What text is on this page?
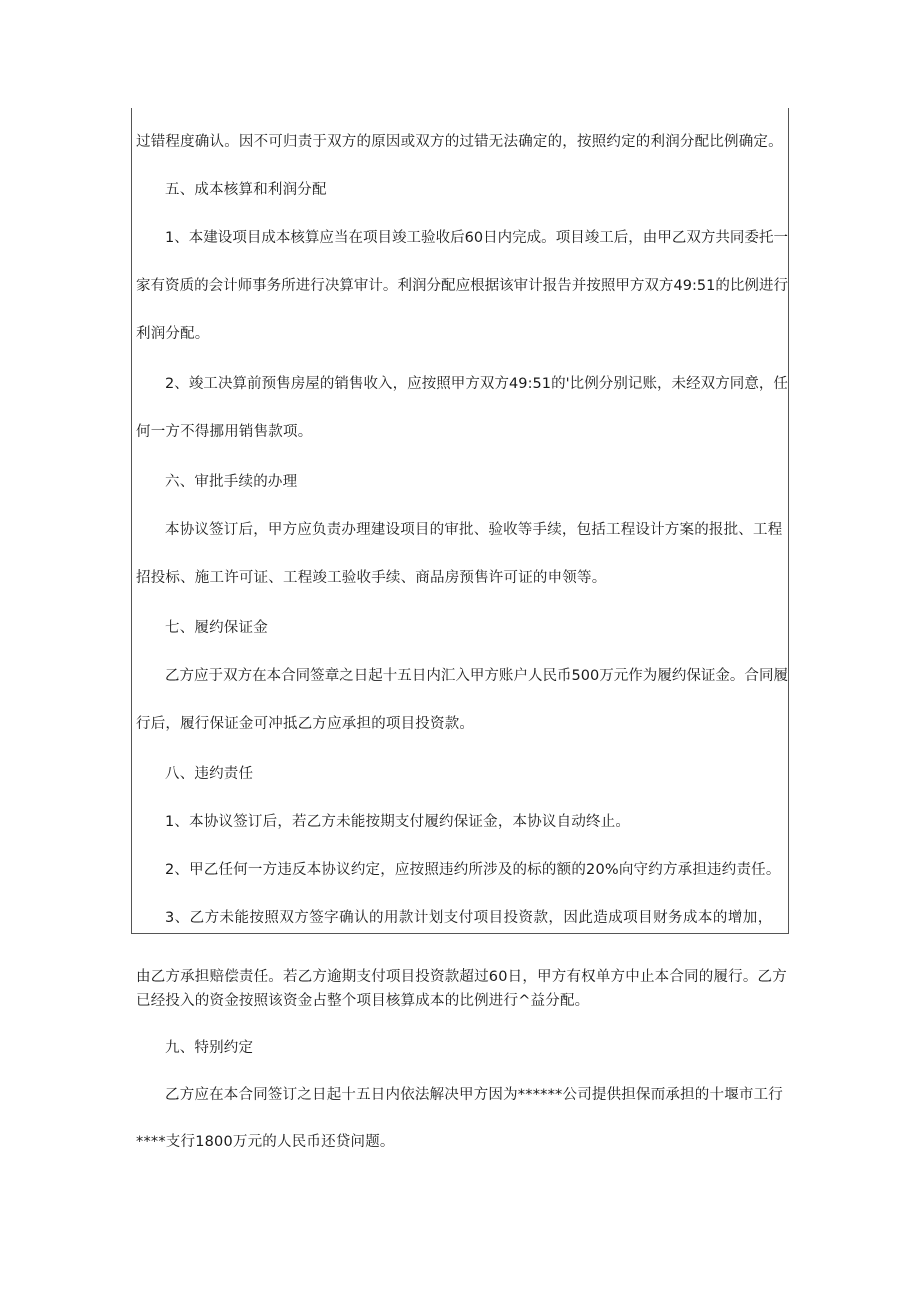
过错程度确认。因不可归责于双方的原因或双方的过错无法确定的，按照约定的利润分配比例确定。
五、成本核算和利润分配
1、本建设项目成本核算应当在项目竣工验收后60日内完成。项目竣工后，由甲乙双方共同委托一
家有资质的会计师事务所进行决算审计。利润分配应根据该审计报告并按照甲方双方49:51的比例进行
利润分配。
2、竣工决算前预售房屋的销售收入，应按照甲方双方49:51的'比例分别记账，未经双方同意，任
何一方不得挪用销售款项。
六、审批手续的办理
本协议签订后，甲方应负责办理建设项目的审批、验收等手续，包括工程设计方案的报批、工程
招投标、施工许可证、工程竣工验收手续、商品房预售许可证的申领等。
七、履约保证金
乙方应于双方在本合同签章之日起十五日内汇入甲方账户人民币500万元作为履约保证金。合同履
行后，履行保证金可冲抵乙方应承担的项目投资款。
八、违约责任
1、本协议签订后，若乙方未能按期支付履约保证金，本协议自动终止。
2、甲乙任何一方违反本协议约定，应按照违约所涉及的标的额的20%向守约方承担违约责任。
3、乙方未能按照双方签字确认的用款计划支付项目投资款，因此造成项目财务成本的增加，
由乙方承担赔偿责任。若乙方逾期支付项目投资款超过60日，甲方有权单方中止本合同的履行。乙方
已经投入的资金按照该资金占整个项目核算成本的比例进行^益分配。
九、特别约定
乙方应在本合同签订之日起十五日内依法解决甲方因为******公司提供担保而承担的十堰市工行
****支行1800万元的人民币还贷问题。
